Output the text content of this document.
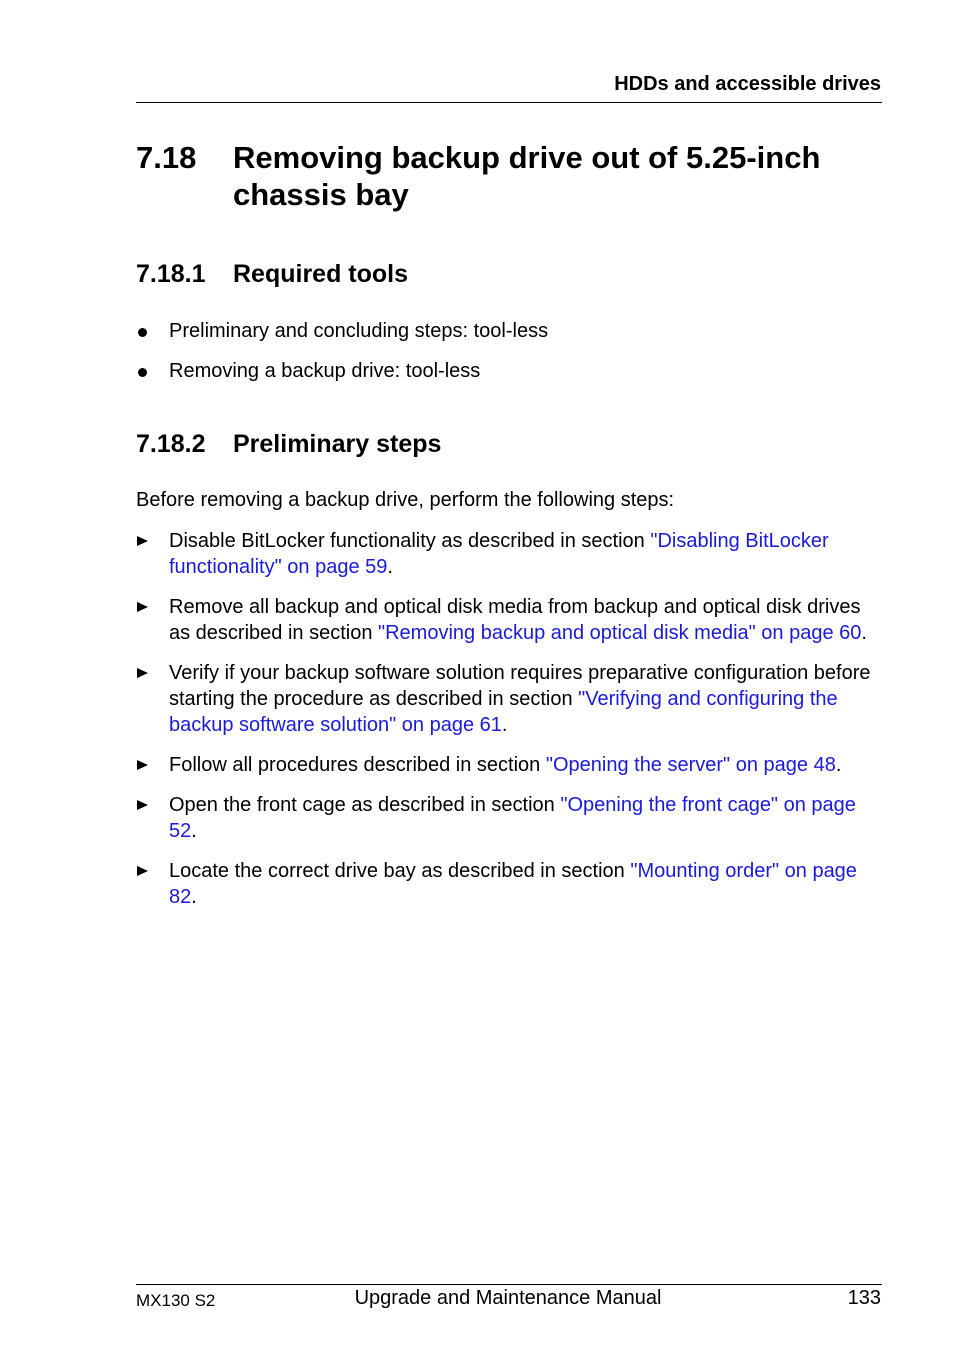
HDDs and accessible drives
7.18 Removing backup drive out of 5.25-inch chassis bay
7.18.1 Required tools
Preliminary and concluding steps: tool-less
Removing a backup drive: tool-less
7.18.2 Preliminary steps
Before removing a backup drive, perform the following steps:
Disable BitLocker functionality as described in section "Disabling BitLocker functionality" on page 59.
Remove all backup and optical disk media from backup and optical disk drives as described in section "Removing backup and optical disk media" on page 60.
Verify if your backup software solution requires preparative configuration before starting the procedure as described in section "Verifying and configuring the backup software solution" on page 61.
Follow all procedures described in section "Opening the server" on page 48.
Open the front cage as described in section "Opening the front cage" on page 52.
Locate the correct drive bay as described in section "Mounting order" on page 82.
MX130 S2	Upgrade and Maintenance Manual	133
